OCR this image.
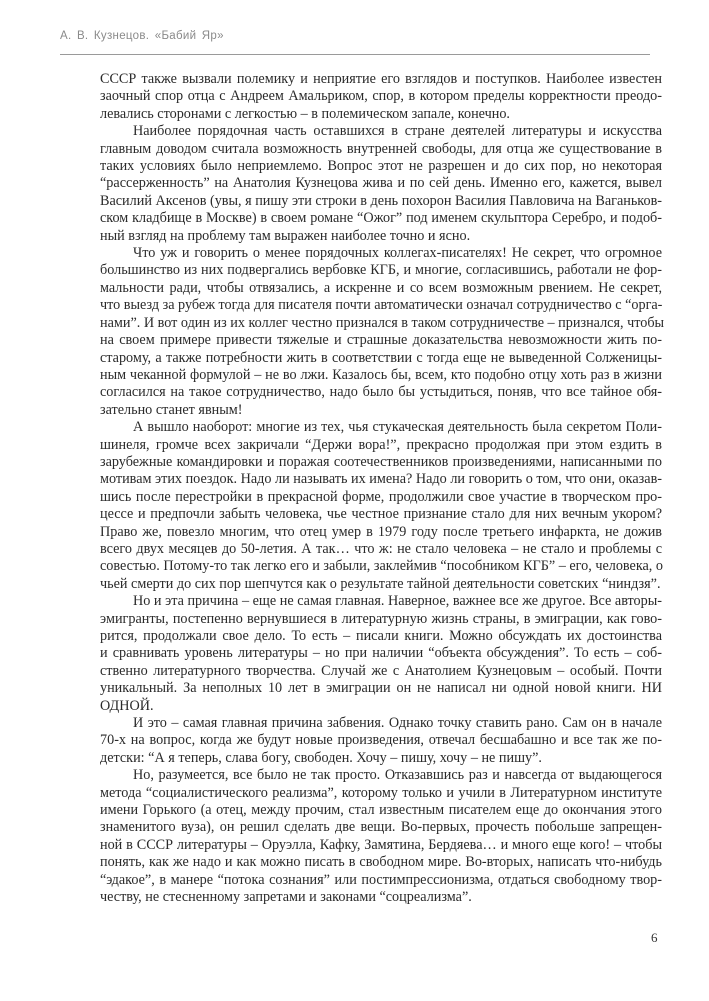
А. В. Кузнецов. «Бабий Яр»
СССР также вызвали полемику и неприятие его взглядов и поступков. Наиболее известен
заочный спор отца с Андреем Амальриком, спор, в котором пределы корректности преодо-
левались сторонами с легкостью – в полемическом запале, конечно.
Наиболее порядочная часть оставшихся в стране деятелей литературы и искусства
главным доводом считала возможность внутренней свободы, для отца же существование в
таких условиях было неприемлемо. Вопрос этот не разрешен и до сих пор, но некоторая
“рассерженность” на Анатолия Кузнецова жива и по сей день. Именно его, кажется, вывел
Василий Аксенов (увы, я пишу эти строки в день похорон Василия Павловича на Ваганьков-
ском кладбище в Москве) в своем романе “Ожог” под именем скульптора Серебро, и подоб-
ный взгляд на проблему там выражен наиболее точно и ясно.
Что уж и говорить о менее порядочных коллегах-писателях! Не секрет, что огромное
большинство из них подвергались вербовке КГБ, и многие, согласившись, работали не фор-
мальности ради, чтобы отвязались, а искренне и со всем возможным рвением. Не секрет,
что выезд за рубеж тогда для писателя почти автоматически означал сотрудничество с “орга-
нами”. И вот один из их коллег честно признался в таком сотрудничестве – признался, чтобы
на своем примере привести тяжелые и страшные доказательства невозможности жить по-
старому, а также потребности жить в соответствии с тогда еще не выведенной Солженицы-
ным чеканной формулой – не во лжи. Казалось бы, всем, кто подобно отцу хоть раз в жизни
согласился на такое сотрудничество, надо было бы устыдиться, поняв, что все тайное обя-
зательно станет явным!
А вышло наоборот: многие из тех, чья стукаческая деятельность была секретом Поли-
шинеля, громче всех закричали “Держи вора!”, прекрасно продолжая при этом ездить в
зарубежные командировки и поражая соотечественников произведениями, написанными по
мотивам этих поездок. Надо ли называть их имена? Надо ли говорить о том, что они, оказав-
шись после перестройки в прекрасной форме, продолжили свое участие в творческом про-
цессе и предпочли забыть человека, чье честное признание стало для них вечным укором?
Право же, повезло многим, что отец умер в 1979 году после третьего инфаркта, не дожив
всего двух месяцев до 50-летия. А так… что ж: не стало человека – не стало и проблемы с
совестью. Потому-то так легко его и забыли, заклеймив “пособником КГБ” – его, человека, о
чьей смерти до сих пор шепчутся как о результате тайной деятельности советских “ниндзя”.
Но и эта причина – еще не самая главная. Наверное, важнее все же другое. Все авторы-
эмигранты, постепенно вернувшиеся в литературную жизнь страны, в эмиграции, как гово-
рится, продолжали свое дело. То есть – писали книги. Можно обсуждать их достоинства
и сравнивать уровень литературы – но при наличии “объекта обсуждения”. То есть – соб-
ственно литературного творчества. Случай же с Анатолием Кузнецовым – особый. Почти
уникальный. За неполных 10 лет в эмиграции он не написал ни одной новой книги. НИ
ОДНОЙ.
И это – самая главная причина забвения. Однако точку ставить рано. Сам он в начале
70-х на вопрос, когда же будут новые произведения, отвечал бесшабашно и все так же по-
детски: “А я теперь, слава богу, свободен. Хочу – пишу, хочу – не пишу”.
Но, разумеется, все было не так просто. Отказавшись раз и навсегда от выдающегося
метода “социалистического реализма”, которому только и учили в Литературном институте
имени Горького (а отец, между прочим, стал известным писателем еще до окончания этого
знаменитого вуза), он решил сделать две вещи. Во-первых, прочесть побольше запрещен-
ной в СССР литературы – Оруэлла, Кафку, Замятина, Бердяева… и много еще кого! – чтобы
понять, как же надо и как можно писать в свободном мире. Во-вторых, написать что-нибудь
“эдакое”, в манере “потока сознания” или постимпрессионизма, отдаться свободному твор-
честву, не стесненному запретами и законами “соцреализма”.
6
